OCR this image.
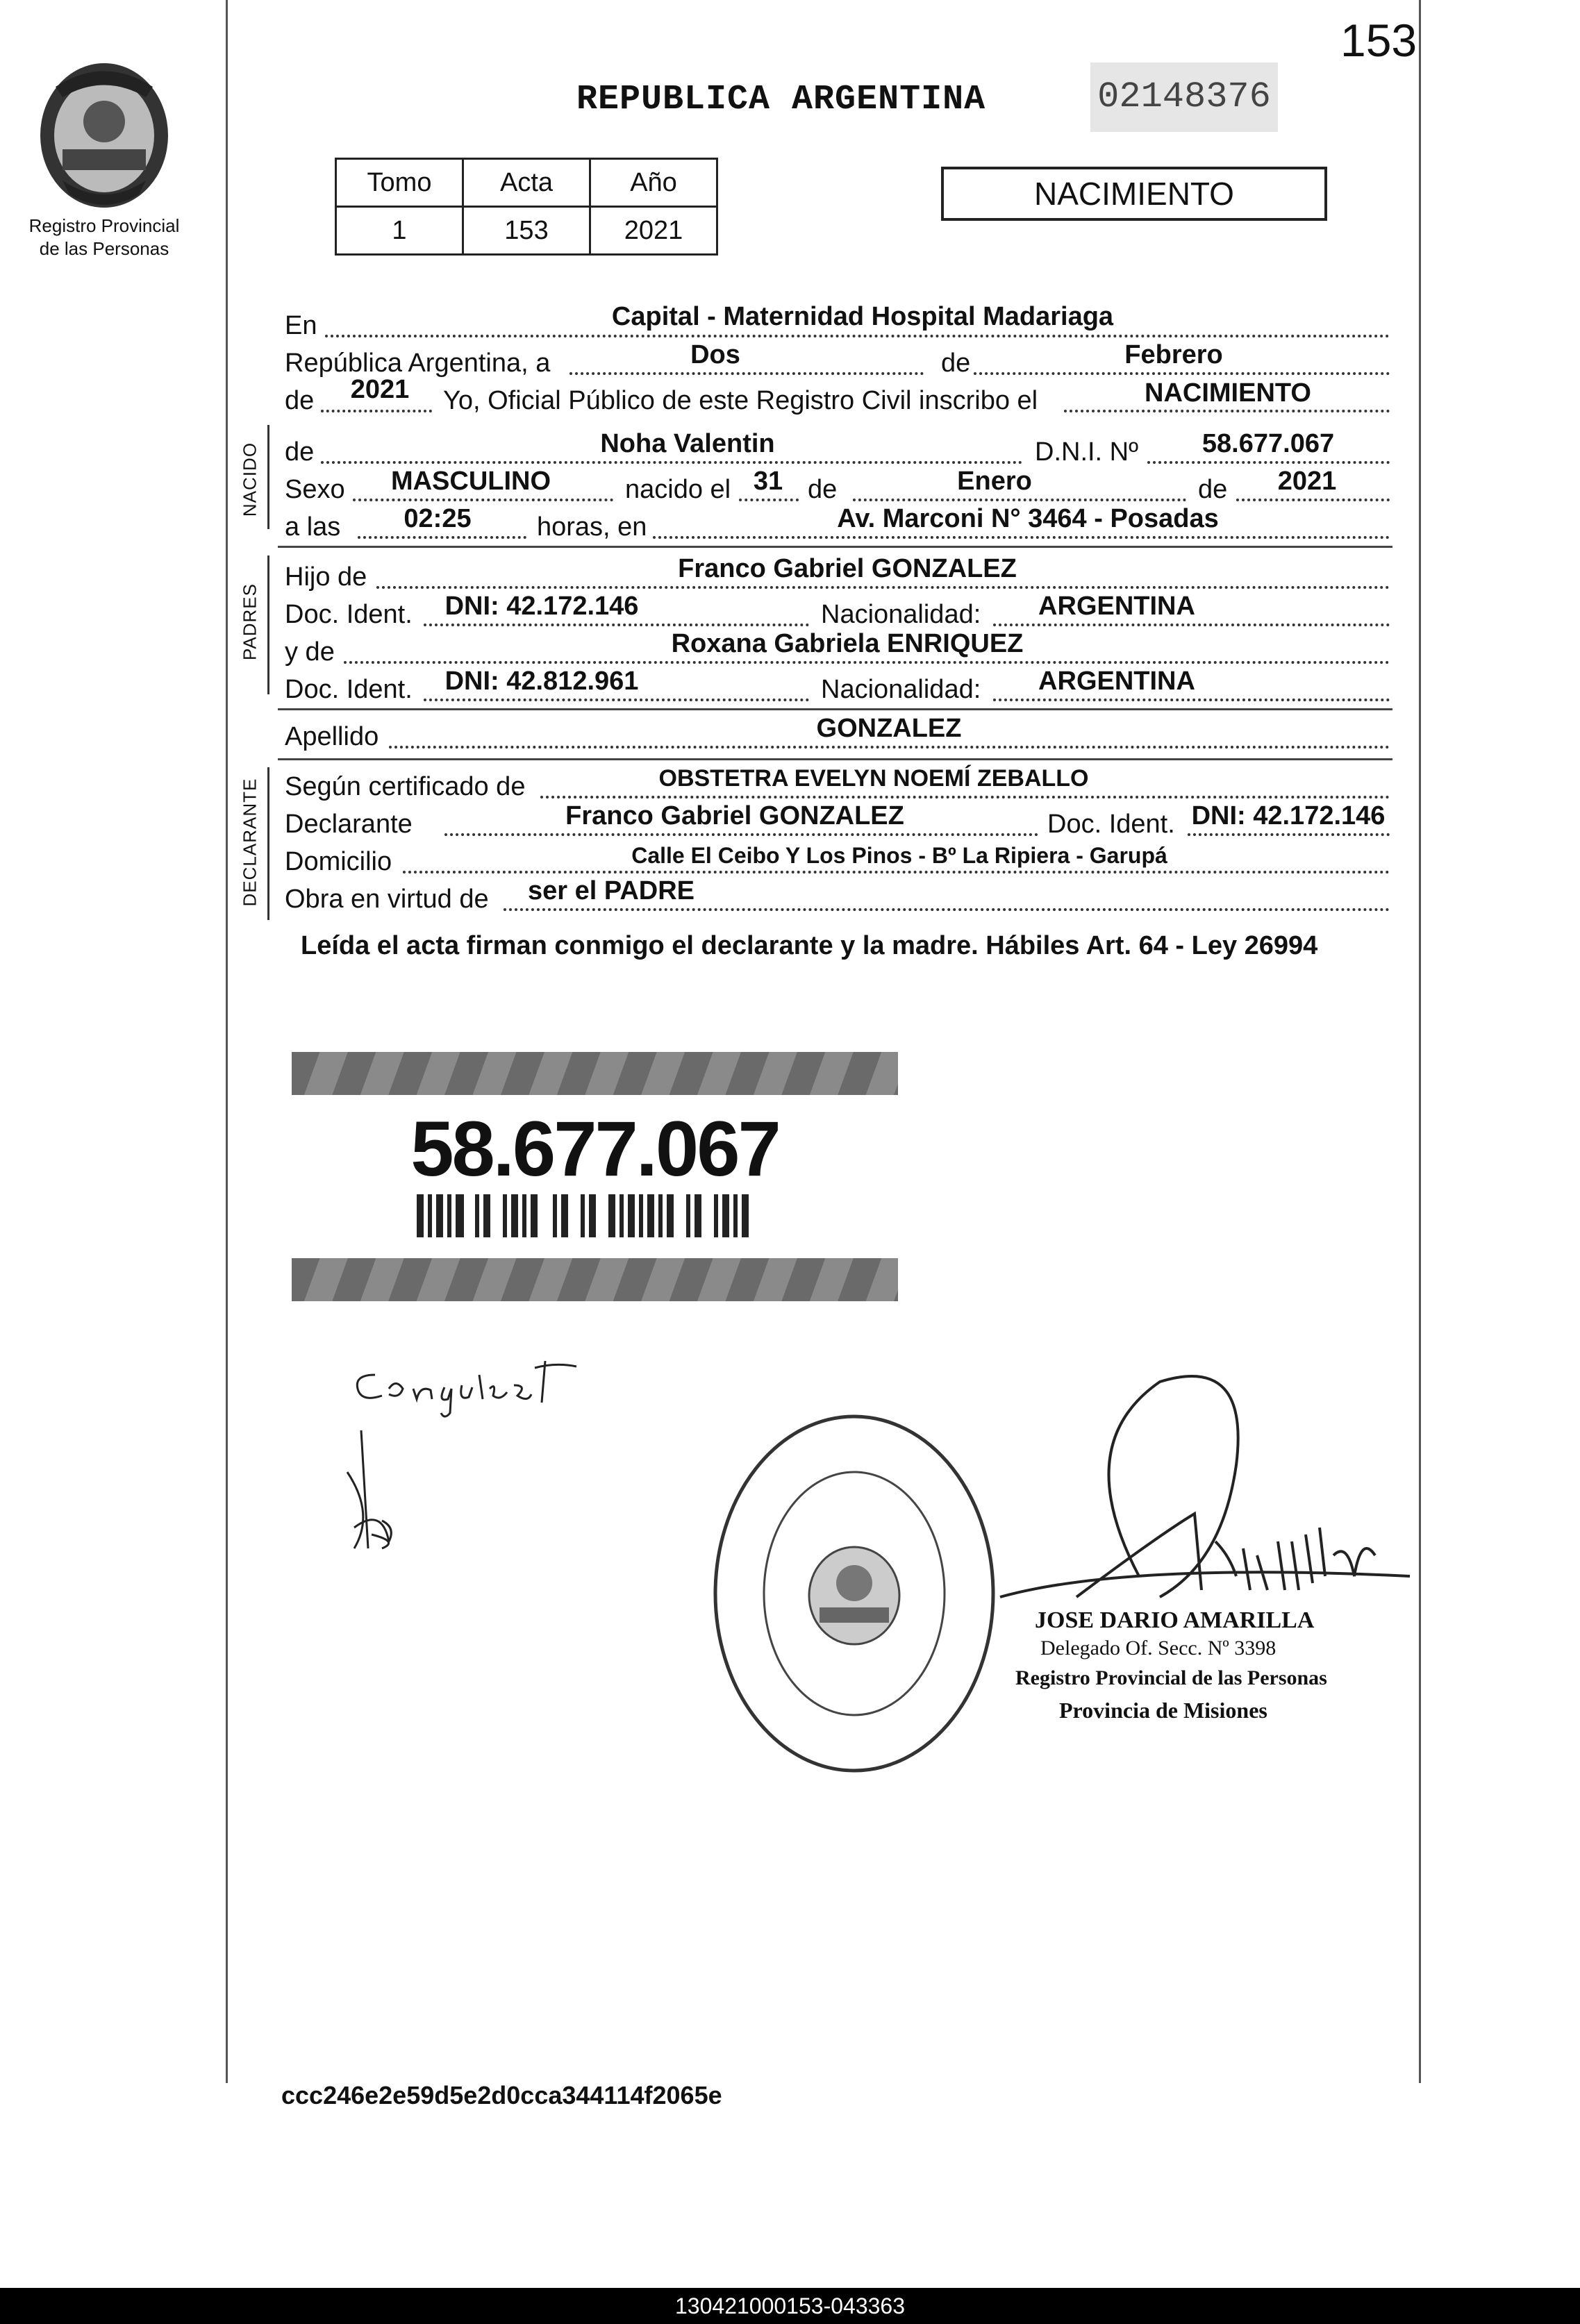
153
Registro Provincial
de las Personas
REPUBLICA ARGENTINA	02148376
Tomo	Acta	Año
1	153	2021
NACIMIENTO
En	Capital - Maternidad Hospital Madariaga
República Argentina, a	Dos	de	Febrero
de 2021 Yo, Oficial Público de este Registro Civil inscribo el	NACIMIENTO
NACIDO de	Noha Valentin	D.N.I. Nº 58.677.067
Sexo MASCULINO	nacido el 31 de	Enero	de 2021
a las 02:25 horas, en	Av. Marconi N° 3464 - Posadas
PADRES
Hijo de	Franco Gabriel GONZALEZ
Doc. Ident. DNI: 42.172.146	Nacionalidad: ARGENTINA
y de	Roxana Gabriela ENRIQUEZ
Doc. Ident. DNI: 42.812.961	Nacionalidad: ARGENTINA
Apellido	GONZALEZ
DECLARANTE Según certificado de	OBSTETRA EVELYN NOEMÍ ZEBALLO
Declarante	Franco Gabriel GONZALEZ	Doc. Ident. DNI: 42.172.146
Domicilio	Calle El Ceibo Y Los Pinos - Bº La Ripiera - Garupá
Obra en virtud de ser el PADRE
Leída el acta firman conmigo el declarante y la madre. Hábiles Art. 64 - Ley 26994
58.677.067
JOSE DARIO AMARILLA
Delegado Of. Secc. Nº 3398
Registro Provincial de las Personas
Provincia de Misiones
ccc246e2e59d5e2d0cca344114f2065e
130421000153-043363
